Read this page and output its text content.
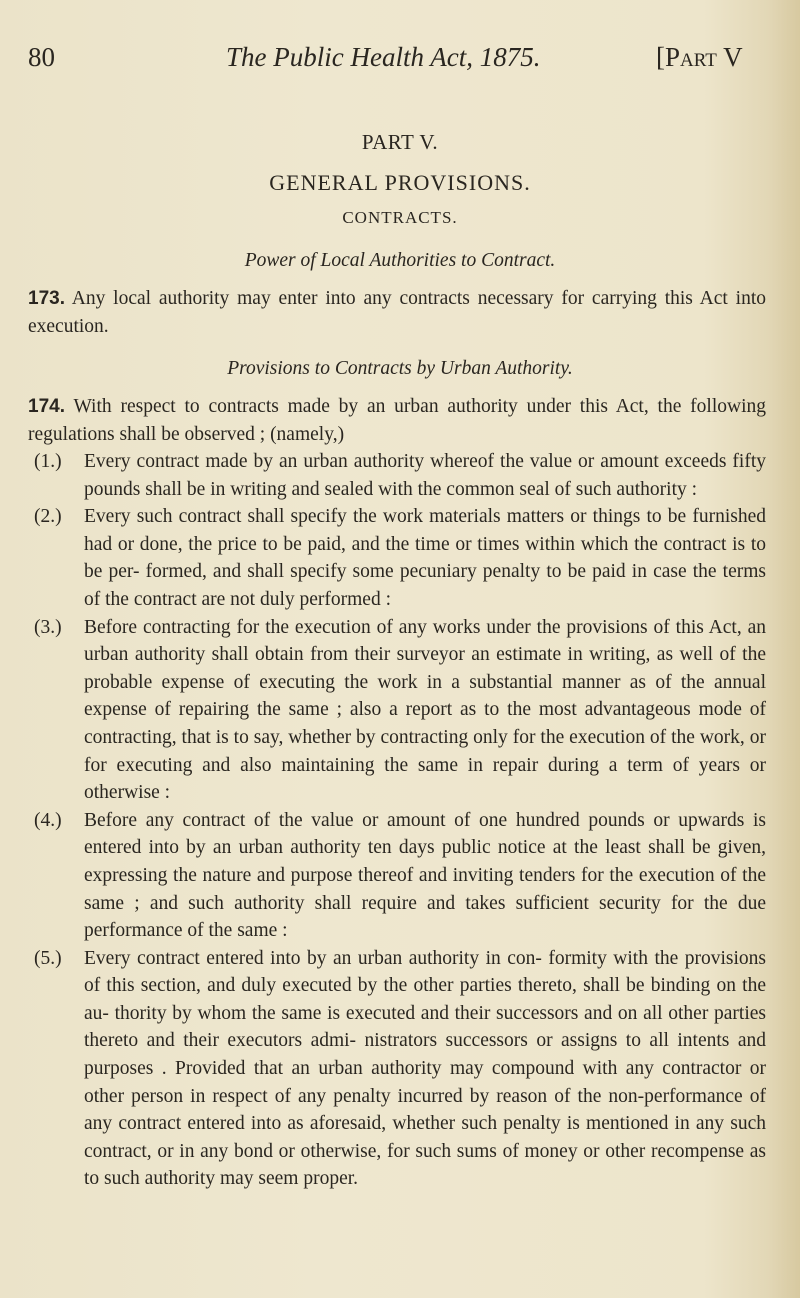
80	The Public Health Act, 1875.	[Part V
PART V.
GENERAL PROVISIONS.
CONTRACTS.
Power of Local Authorities to Contract.
173. Any local authority may enter into any contracts necessary for carrying this Act into execution.
Provisions to Contracts by Urban Authority.
174. With respect to contracts made by an urban authority under this Act, the following regulations shall be observed ; (namely,)
(1.) Every contract made by an urban authority whereof the value or amount exceeds fifty pounds shall be in writing and sealed with the common seal of such authority :
(2.) Every such contract shall specify the work materials matters or things to be furnished had or done, the price to be paid, and the time or times within which the contract is to be per- formed, and shall specify some pecuniary penalty to be paid in case the terms of the contract are not duly performed :
(3.) Before contracting for the execution of any works under the provisions of this Act, an urban authority shall obtain from their surveyor an estimate in writing, as well of the probable expense of executing the work in a substantial manner as of the annual expense of repairing the same ; also a report as to the most advantageous mode of contracting, that is to say, whether by contracting only for the execution of the work, or for executing and also maintaining the same in repair during a term of years or otherwise :
(4.) Before any contract of the value or amount of one hundred pounds or upwards is entered into by an urban authority ten days public notice at the least shall be given, expressing the nature and purpose thereof and inviting tenders for the execution of the same ; and such authority shall require and takes sufficient security for the due performance of the same :
(5.) Every contract entered into by an urban authority in con- formity with the provisions of this section, and duly executed by the other parties thereto, shall be binding on the au- thority by whom the same is executed and their successors and on all other parties thereto and their executors admi- nistrators successors or assigns to all intents and purposes . Provided that an urban authority may compound with any contractor or other person in respect of any penalty incurred by reason of the non-performance of any contract entered into as aforesaid, whether such penalty is mentioned in any such contract, or in any bond or otherwise, for such sums of money or other recompense as to such authority may seem proper.
